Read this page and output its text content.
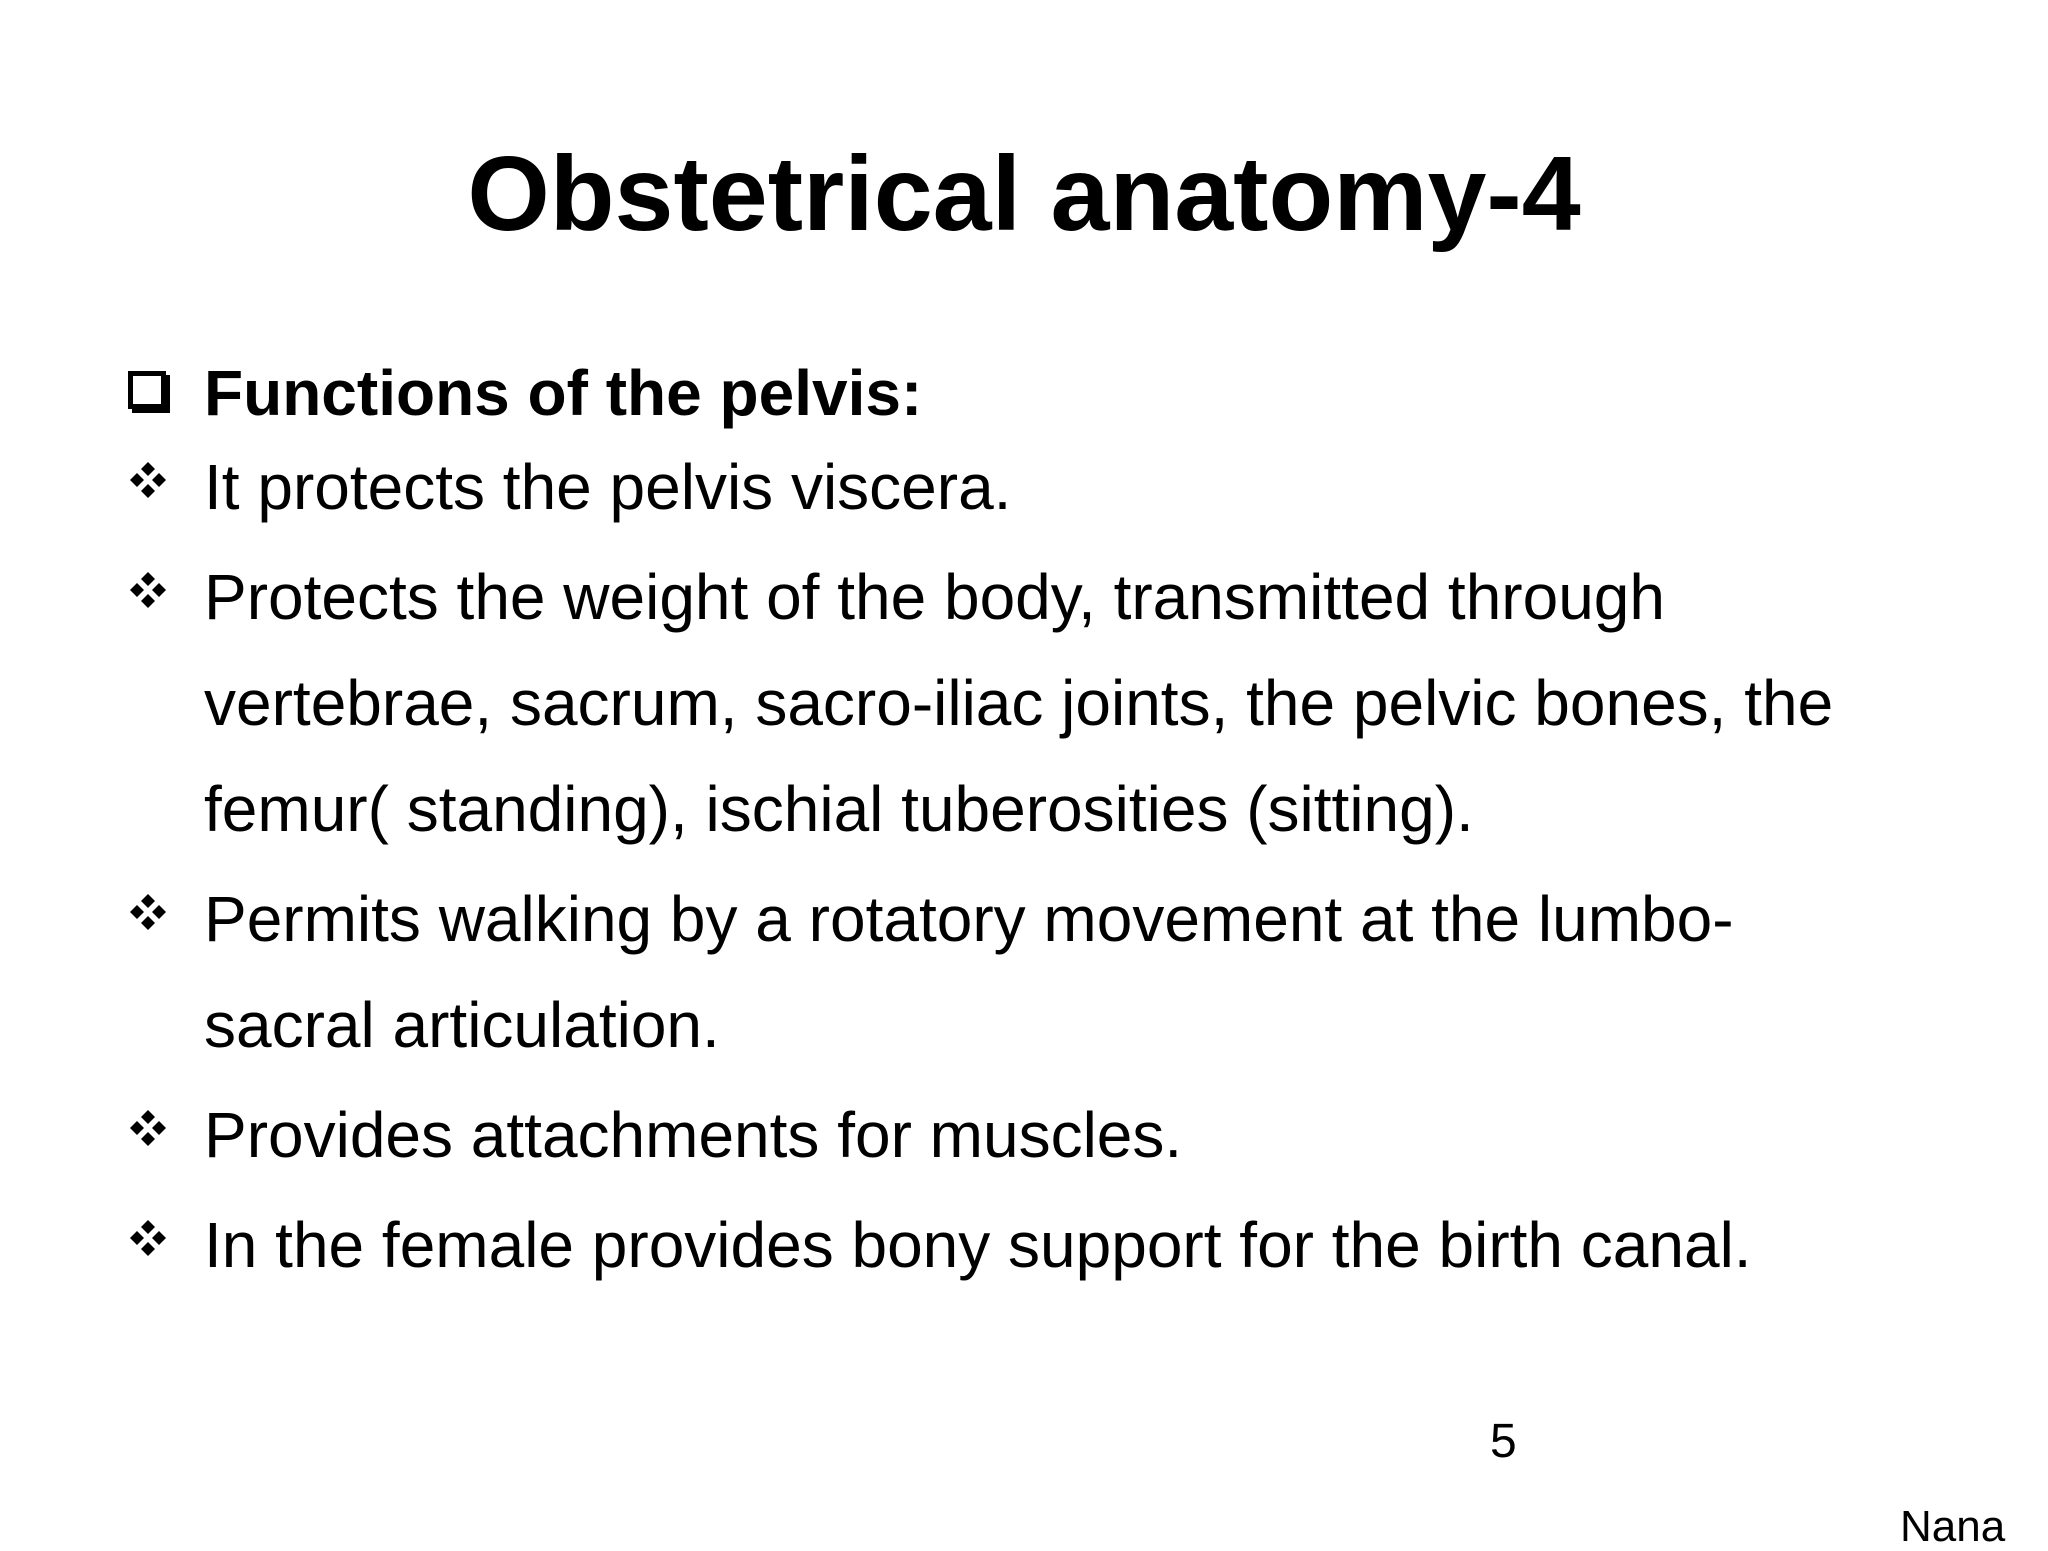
Obstetrical anatomy-4
Functions of the pelvis:
It protects the pelvis viscera.
Protects the weight of the body, transmitted through vertebrae, sacrum, sacro-iliac joints, the pelvic bones, the femur( standing), ischial tuberosities (sitting).
Permits walking by a rotatory movement at the lumbo-sacral articulation.
Provides attachments for muscles.
In the female provides bony support for the birth canal.
5
Nana
